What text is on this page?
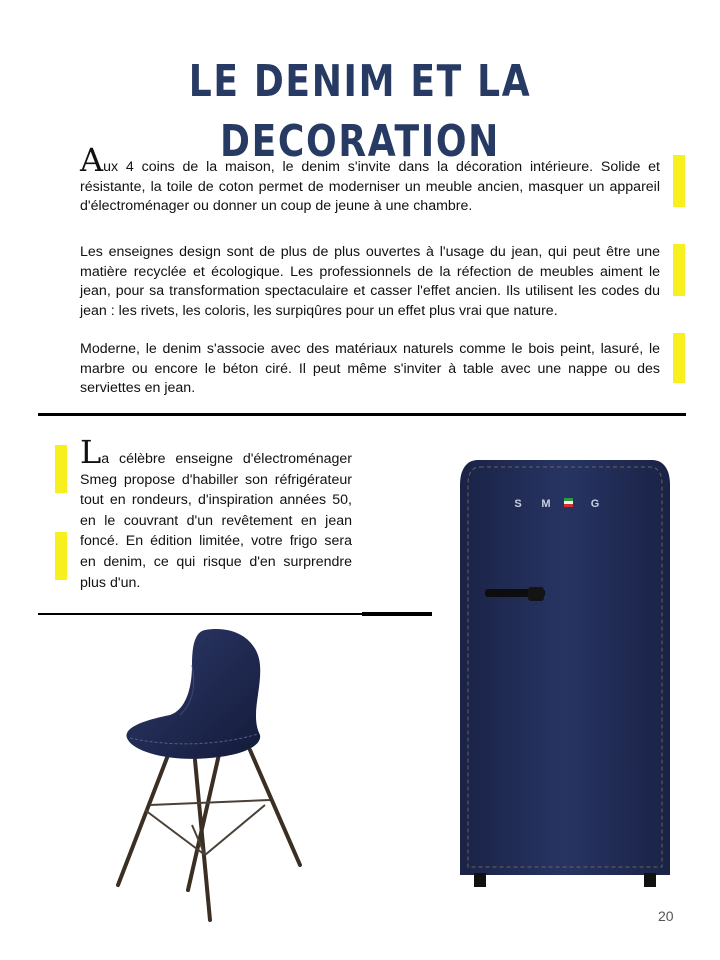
LE DENIM ET LA DECORATION

Aux 4 coins de la maison, le denim s'invite dans la décoration intérieure. Solide et résistante, la toile de coton permet de moderniser un meuble ancien, masquer un appareil d'électroménager ou donner un coup de jeune à une chambre.

Les enseignes design sont de plus de plus ouvertes à l'usage du jean, qui peut être une matière recyclée et écologique. Les professionnels de la réfection de meubles aiment le jean, pour sa transformation spectaculaire et casser l'effet ancien. Ils utilisent les codes du jean : les rivets, les coloris, les surpiqûres pour un effet plus vrai que nature.

Moderne, le denim s'associe avec des matériaux naturels comme le bois peint, lasuré, le marbre ou encore le béton ciré. Il peut même s'inviter à table avec une nappe ou des serviettes en jean.

La célèbre enseigne d'électroménager Smeg propose d'habiller son réfrigérateur tout en rondeurs, d'inspiration années 50, en le couvrant d'un revêtement en jean foncé. En édition limitée, votre frigo sera en denim, ce qui risque d'en surprendre plus d'un.

S M	G
20
